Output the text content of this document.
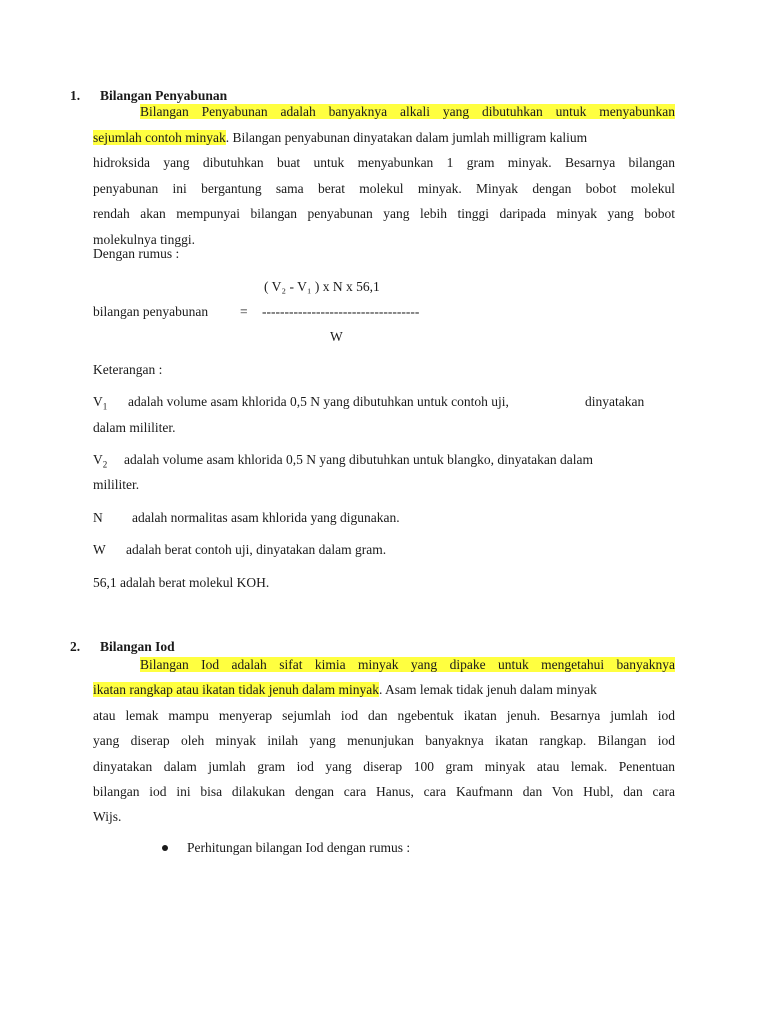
1. Bilangan Penyabunan
Bilangan Penyabunan adalah banyaknya alkali yang dibutuhkan untuk menyabunkan
sejumlah contoh minyak. Bilangan penyabunan dinyatakan dalam jumlah milligram kalium
hidroksida yang dibutuhkan buat untuk menyabunkan 1 gram minyak. Besarnya bilangan
penyabunan ini bergantung sama berat molekul minyak. Minyak dengan bobot molekul
rendah akan mempunyai bilangan penyabunan yang lebih tinggi daripada minyak yang bobot
molekulnya tinggi.
Dengan rumus :
( V₂ - V₁ ) x N x 56,1
bilangan penyabunan = -----------------------------------
W
Keterangan :
$V_1$ adalah volume asam khlorida 0,5 N yang dibutuhkan untuk contoh uji,	dinyatakan
dalam mililiter.
$V_2$ adalah volume asam khlorida 0,5 N yang dibutuhkan untuk blangko, dinyatakan dalam
mililiter.
N adalah normalitas asam khlorida yang digunakan.
W adalah berat contoh uji, dinyatakan dalam gram.
56,1 adalah berat molekul KOH.
2. Bilangan Iod
Bilangan Iod adalah sifat kimia minyak yang dipake untuk mengetahui banyaknya
ikatan rangkap atau ikatan tidak jenuh dalam minyak. Asam lemak tidak jenuh dalam minyak
atau lemak mampu menyerap sejumlah iod dan ngebentuk ikatan jenuh. Besarnya jumlah iod
yang diserap oleh minyak inilah yang menunjukan banyaknya ikatan rangkap. Bilangan iod
dinyatakan dalam jumlah gram iod yang diserap 100 gram minyak atau lemak. Penentuan
bilangan iod ini bisa dilakukan dengan cara Hanus, cara Kaufmann dan Von Hubl, dan cara
Wijs.
Perhitungan bilangan Iod dengan rumus :
